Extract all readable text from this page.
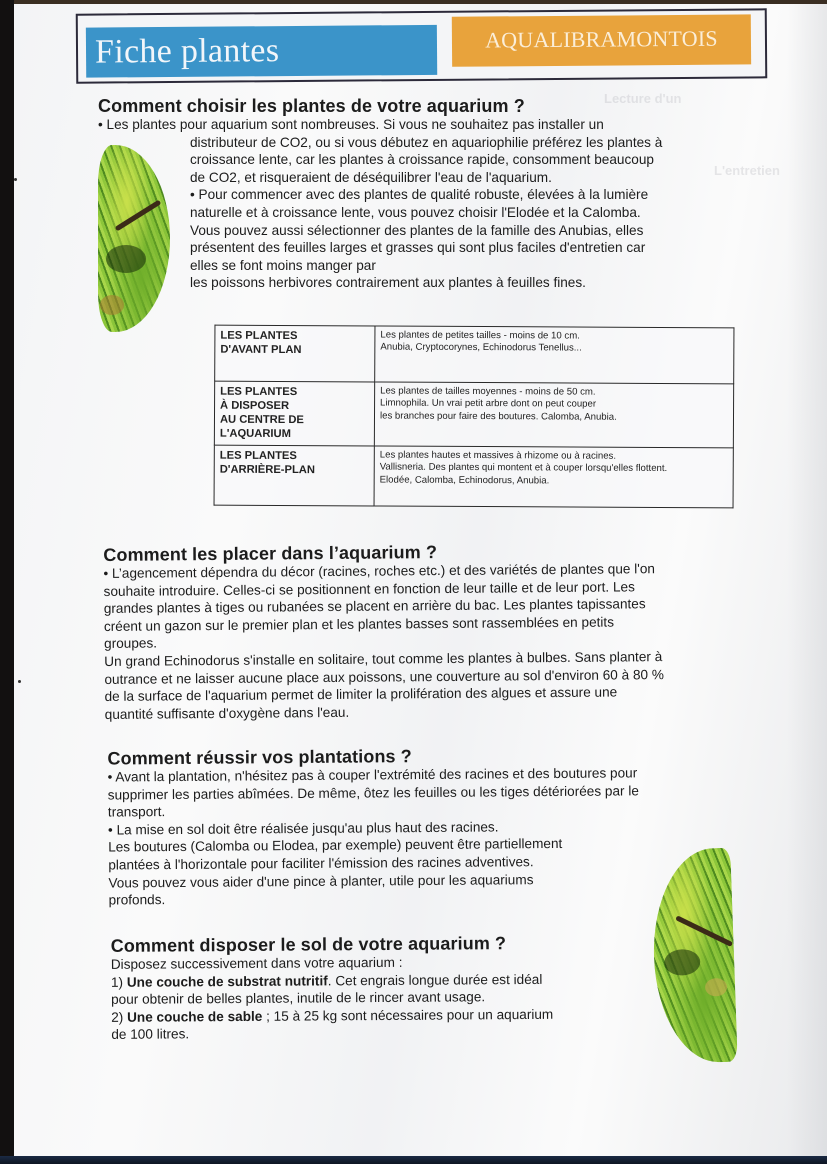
Lecture d'un
L'entretien
Fiche plantes	AQUALIBRAMONTOIS
Comment choisir les plantes de votre aquarium ?
• Les plantes pour aquarium sont nombreuses. Si vous ne souhaitez pas installer un
distributeur de CO2, ou si vous débutez en aquariophilie préférez les plantes à
croissance lente, car les plantes à croissance rapide, consomment beaucoup
de CO2, et risqueraient de déséquilibrer l'eau de l'aquarium.
• Pour commencer avec des plantes de qualité robuste, élevées à la lumière
naturelle et à croissance lente, vous pouvez choisir l'Elodée et la Calomba.
Vous pouvez aussi sélectionner des plantes de la famille des Anubias, elles
présentent des feuilles larges et grasses qui sont plus faciles d'entretien car
elles se font moins manger par
les poissons herbivores contrairement aux plantes à feuilles fines.
LES PLANTES
D'AVANT PLAN	Les plantes de petites tailles - moins de 10 cm.
Anubia, Cryptocorynes, Echinodorus Tenellus...

LES PLANTES
À DISPOSER
AU CENTRE DE
L'AQUARIUM	Les plantes de tailles moyennes - moins de 50 cm.
Limnophila. Un vrai petit arbre dont on peut couper
les branches pour faire des boutures. Calomba, Anubia.

LES PLANTES
D'ARRIÈRE-PLAN	Les plantes hautes et massives à rhizome ou à racines.
Vallisneria. Des plantes qui montent et à couper lorsqu'elles flottent.
Elodée, Calomba, Echinodorus, Anubia.
Comment les placer dans l’aquarium ?
• L’agencement dépendra du décor (racines, roches etc.) et des variétés de plantes que l'on
souhaite introduire. Celles-ci se positionnent en fonction de leur taille et de leur port. Les
grandes plantes à tiges ou rubanées se placent en arrière du bac. Les plantes tapissantes
créent un gazon sur le premier plan et les plantes basses sont rassemblées en petits
groupes.
Un grand Echinodorus s'installe en solitaire, tout comme les plantes à bulbes. Sans planter à
outrance et ne laisser aucune place aux poissons, une couverture au sol d'environ 60 à 80 %
de la surface de l'aquarium permet de limiter la prolifération des algues et assure une
quantité suffisante d'oxygène dans l'eau.
Comment réussir vos plantations ?
• Avant la plantation, n'hésitez pas à couper l'extrémité des racines et des boutures pour
supprimer les parties abîmées. De même, ôtez les feuilles ou les tiges détériorées par le
transport.
• La mise en sol doit être réalisée jusqu'au plus haut des racines.
Les boutures (Calomba ou Elodea, par exemple) peuvent être partiellement
plantées à l'horizontale pour faciliter l'émission des racines adventives.
Vous pouvez vous aider d'une pince à planter, utile pour les aquariums
profonds.
Comment disposer le sol de votre aquarium ?
Disposez successivement dans votre aquarium :
1) Une couche de substrat nutritif. Cet engrais longue durée est idéal
pour obtenir de belles plantes, inutile de le rincer avant usage.
2) Une couche de sable ; 15 à 25 kg sont nécessaires pour un aquarium
de 100 litres.
